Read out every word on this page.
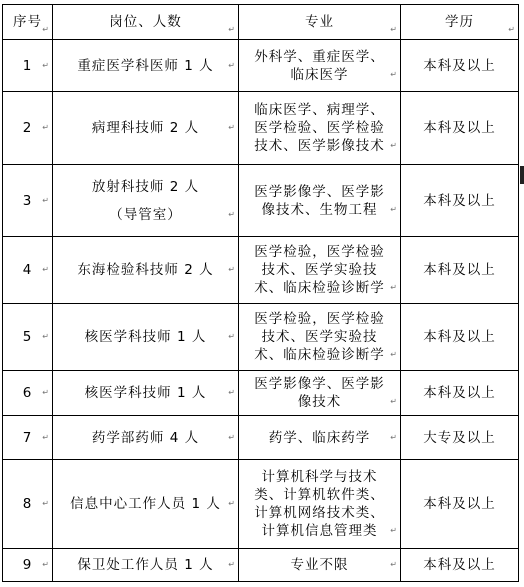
序号 ↵	岗位、人数 ↵	专业 ↵	学历 ↵

1 ↵	重症医学科医师 1 人 ↵	外科学、重症医学、
临床医学 ↵	本科及以上

2 ↵	病理科技师 2 人 ↵	临床医学、病理学、
医学检验、医学检验
技术、医学影像技术 ↵	本科及以上

3 ↵	放射科技师 2 人
（导管室） ↵	医学影像学、医学影
像技术、生物工程 ↵	本科及以上

4 ↵	东海检验科技师 2 人 ↵	医学检验，医学检验
技术、医学实验技
术、临床检验诊断学 ↵	本科及以上

5 ↵	核医学科技师 1 人 ↵	医学检验，医学检验
技术、医学实验技
术、临床检验诊断学 ↵	本科及以上

6 ↵	核医学科技师 1 人 ↵	医学影像学、医学影
像技术 ↵	本科及以上

7 ↵	药学部药师 4 人 ↵	药学、临床药学 ↵	大专及以上

8 ↵	信息中心工作人员 1 人 ↵	计算机科学与技术
类、计算机软件类、
计算机网络技术类、
计算机信息管理类 ↵	本科及以上

9 ↵	保卫处工作人员 1 人 ↵	专业不限 ↵	本科及以上
